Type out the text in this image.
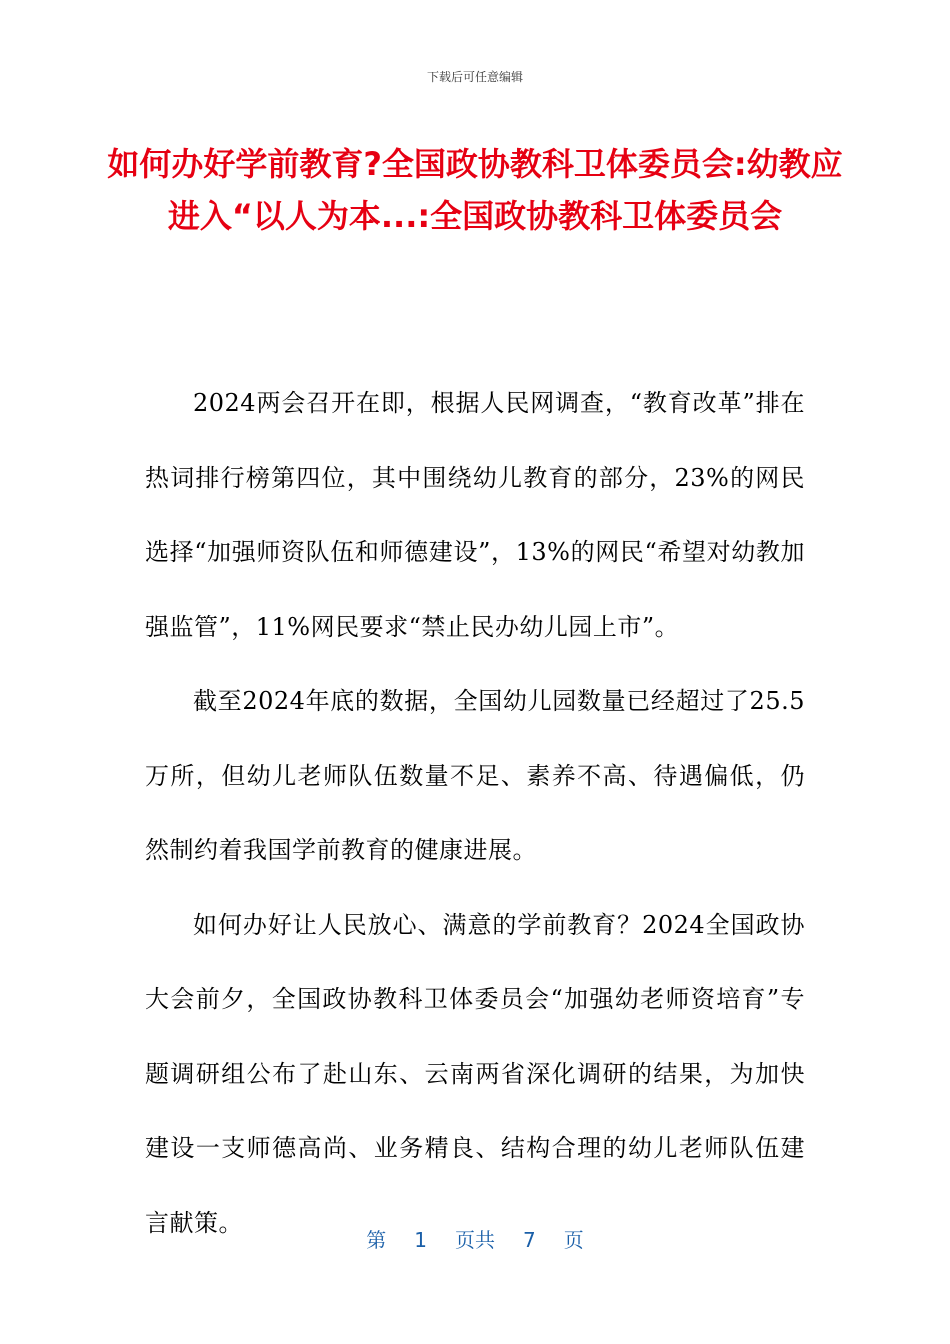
下载后可任意编辑
如何办好学前教育?全国政协教科卫体委员会:幼教应进入“以人为本...:全国政协教科卫体委员会

2024两会召开在即，根据人民网调查，“教育改革”排在热词排行榜第四位，其中围绕幼儿教育的部分，23%的网民选择“加强师资队伍和师德建设”，13%的网民“希望对幼教加强监管”，11%网民要求“禁止民办幼儿园上市”。

截至2024年底的数据，全国幼儿园数量已经超过了25.5万所，但幼儿老师队伍数量不足、素养不高、待遇偏低，仍然制约着我国学前教育的健康进展。

如何办好让人民放心、满意的学前教育？2024全国政协大会前夕，全国政协教科卫体委员会“加强幼老师资培育”专题调研组公布了赴山东、云南两省深化调研的结果，为加快建设一支师德高尚、业务精良、结构合理的幼儿老师队伍建言献策。

第 1 页共 7 页
